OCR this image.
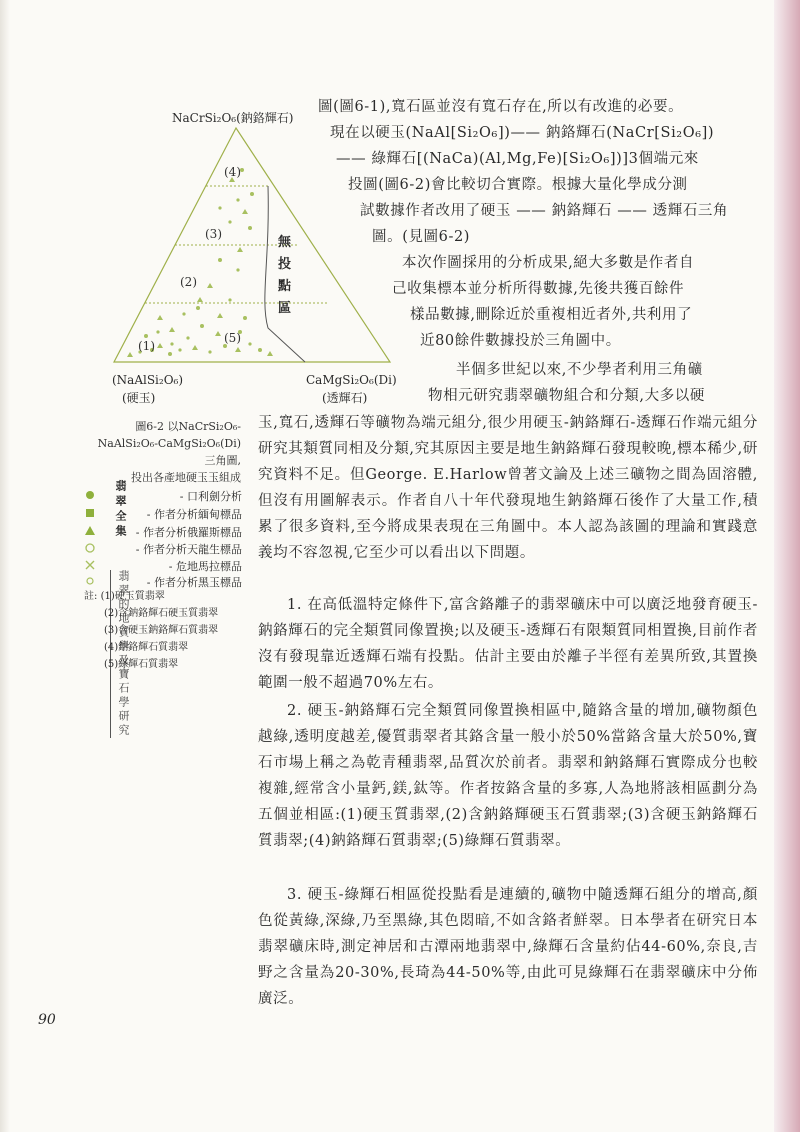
NaCrSi₂O₆(鈉鉻輝石)
(4)
(3)
(2)
(1)
(5)
無投點區
(NaAlSi₂O₆)
(硬玉)
CaMgSi₂O₆(Di)
(透輝石)
圖6-2 以NaCrSi₂O₆-
NaAlSi₂O₆-CaMgSi₂O₆(Di)
三角圖,
投出各產地硬玉玉組成
- 口利劍分析
- 作者分析緬甸標品
- 作者分析俄羅斯標品
- 作者分析天龍生標品
- 危地馬拉標品
- 作者分析黑玉標品
翡翠全集
翡翠的地質學及寶石學研究
註: (1)硬玉質翡翠
(2)含鈉鉻輝石硬玉質翡翠
(3)含硬玉鈉鉻輝石質翡翠
(4)鈉鉻輝石質翡翠
(5)綠輝石質翡翠
圖(圖6-1),寬石區並沒有寬石存在,所以有改進的必要。
現在以硬玉(NaAl[Si₂O₆])—— 鈉鉻輝石(NaCr[Si₂O₆])
—— 綠輝石[(NaCa)(Al,Mg,Fe)[Si₂O₆])]3個端元來
投圖(圖6-2)會比較切合實際。根據大量化學成分測
試數據作者改用了硬玉 —— 鈉鉻輝石 —— 透輝石三角
圖。(見圖6-2)
本次作圖採用的分析成果,絕大多數是作者自
己收集標本並分析所得數據,先後共獲百餘件
樣品數據,刪除近於重複相近者外,共利用了
近80餘件數據投於三角圖中。
半個多世紀以來,不少學者利用三角礦
物相元研究翡翠礦物組合和分類,大多以硬
玉,寬石,透輝石等礦物為端元組分,很少用硬玉-鈉鉻輝石-透輝石作端元組分研究其類質同相及分類,究其原因主要是地生鈉鉻輝石發現較晚,標本稀少,研究資料不足。但George. E.Harlow曾著文論及上述三礦物之間為固溶體,但沒有用圖解表示。作者自八十年代發現地生鈉鉻輝石後作了大量工作,積累了很多資料,至今將成果表現在三角圖中。本人認為該圖的理論和實踐意義均不容忽視,它至少可以看出以下問題。
1. 在高低溫特定條件下,富含鉻離子的翡翠礦床中可以廣泛地發育硬玉-鈉鉻輝石的完全類質同像置換;以及硬玉-透輝石有限類質同相置換,目前作者沒有發現靠近透輝石端有投點。估計主要由於離子半徑有差異所致,其置換範圍一般不超過70%左右。
2. 硬玉-鈉鉻輝石完全類質同像置換相區中,隨鉻含量的增加,礦物顏色越綠,透明度越差,優質翡翠者其鉻含量一般小於50%當鉻含量大於50%,寶石市場上稱之為乾青種翡翠,品質次於前者。翡翠和鈉鉻輝石實際成分也較複雜,經常含小量鈣,鎂,鈦等。作者按鉻含量的多寡,人為地將該相區劃分為五個並相區:(1)硬玉質翡翠,(2)含鈉鉻輝硬玉石質翡翠;(3)含硬玉鈉鉻輝石質翡翠;(4)鈉鉻輝石質翡翠;(5)綠輝石質翡翠。
3. 硬玉-綠輝石相區從投點看是連續的,礦物中隨透輝石組分的增高,顏色從黃綠,深綠,乃至黑綠,其色悶暗,不如含鉻者鮮翠。日本學者在研究日本翡翠礦床時,測定神居和古潭兩地翡翠中,綠輝石含量約佔44-60%,奈良,吉野之含量為20-30%,長琦為44-50%等,由此可見綠輝石在翡翠礦床中分佈廣泛。
90
